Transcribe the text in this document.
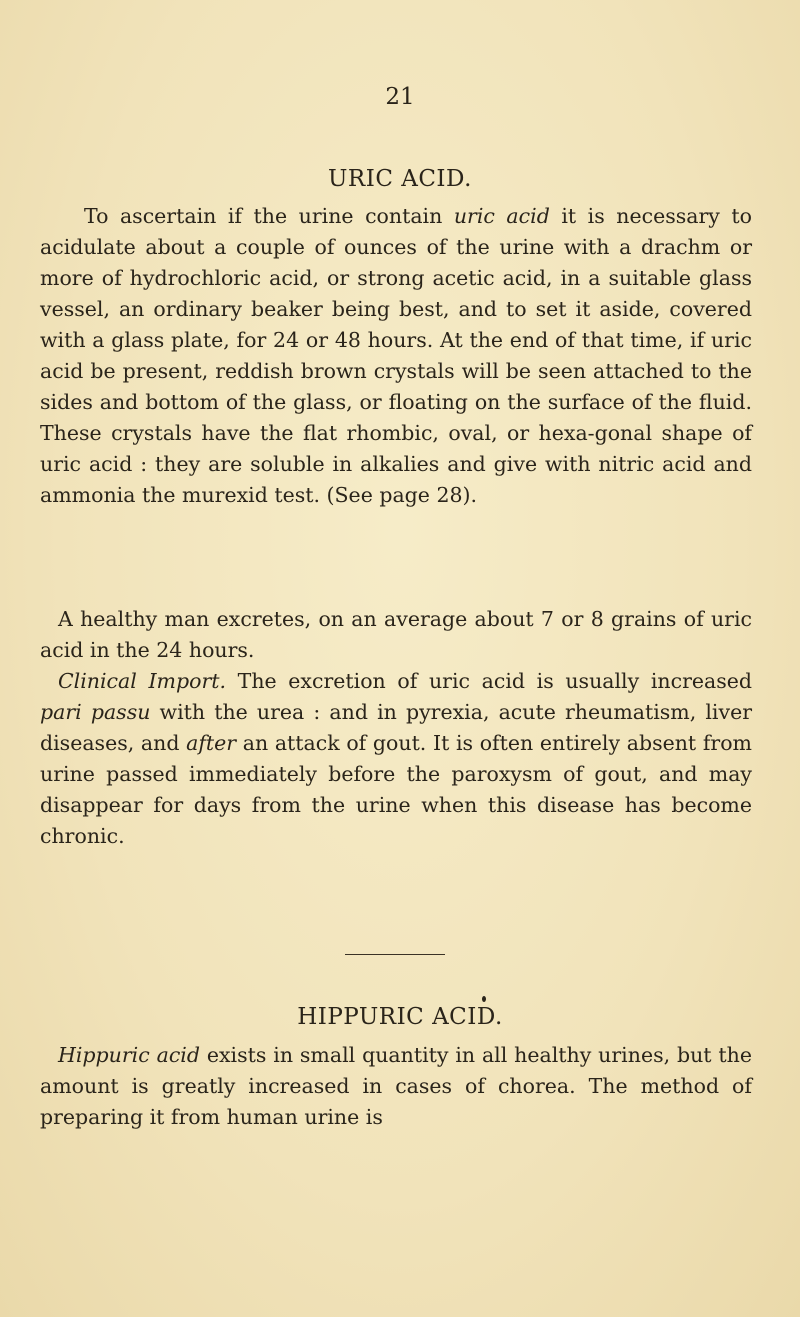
21
URIC ACID.

To ascertain if the urine contain uric acid it is necessary to acidulate about a couple of ounces of the urine with a drachm or more of hydrochloric acid, or strong acetic acid, in a suitable glass vessel, an ordinary beaker being best, and to set it aside, covered with a glass plate, for 24 or 48 hours. At the end of that time, if uric acid be present, reddish brown crystals will be seen attached to the sides and bottom of the glass, or floating on the surface of the fluid. These crystals have the flat rhombic, oval, or hexa-gonal shape of uric acid : they are soluble in alkalies and give with nitric acid and ammonia the murexid test. (See page 28).

A healthy man excretes, on an average about 7 or 8 grains of uric acid in the 24 hours.

Clinical Import. The excretion of uric acid is usually increased pari passu with the urea : and in pyrexia, acute rheumatism, liver diseases, and after an attack of gout. It is often entirely absent from urine passed immediately before the paroxysm of gout, and may disappear for days from the urine when this disease has become chronic.

HIPPURIC ACID.

Hippuric acid exists in small quantity in all healthy urines, but the amount is greatly increased in cases of chorea. The method of preparing it from human urine is
